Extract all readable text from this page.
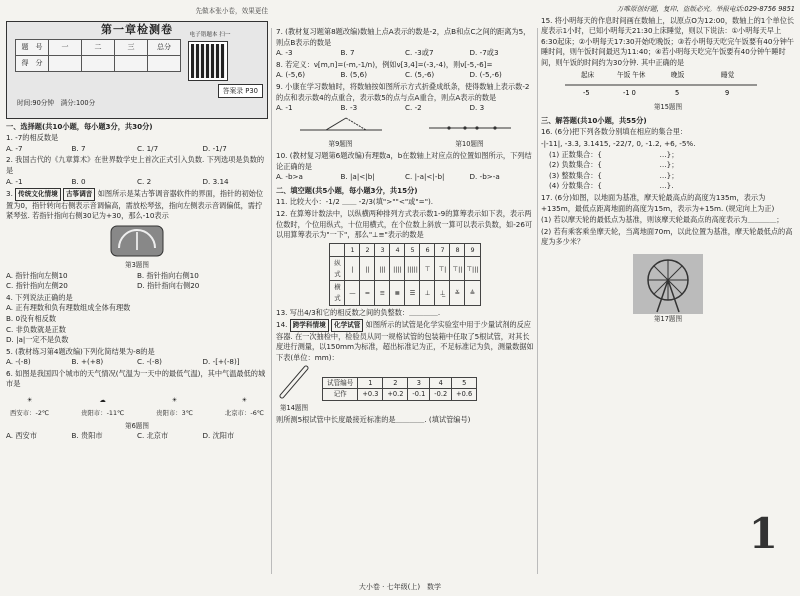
先做本张小卷，效果更佳
第一章检测卷
题　号	一	二	三	总分
得　分				
时间:90分钟　满分:100分
电子错题本 扫一
答案录 P30
一、选择题(共10小题，每小题3分，共30分)
1. -7的相反数是
A. -7	B. 7	C. 1/7	D. -1/7
2. 我国古代的《九章算术》在世界数学史上首次正式引入负数. 下列选项是负数的是
A. -1	B. 0	C. 2	D. 3.14
3. 传统文化情境 古筝调音 如图所示是某古筝调音器软件的界面，指针的初始位置为0，指针转向右侧表示音调偏高，需放松琴弦，指向左侧表示音调偏低，需拧紧琴弦. 若指针指向右侧30记为+30，那么-10表示
第3题图
A. 指针指向左侧10	B. 指针指向右侧10
C. 指针指向左侧20	D. 指针指向右侧20
4. 下列说法正确的是
A. 正有理数和负有理数组成全体有理数
B. 0没有相反数
C. 非负数就是正数
D. |a|一定不是负数
5. (教材练习第4题改编)下列化简结果为-8的是
A. -(-8)	B. +(+8)	C. -(-8)	D. -[+(-8)]
6. 如图是我国四个城市的天气情况(气温为一天中的最低气温)，其中气温最低的城市是
☀
西安市：-2℃
☁
贵阳市：-11℃
☀
贵阳市：3℃
☀
北京市：-6℃
第6题图
A. 西安市	B. 贵阳市	C. 北京市	D. 沈阳市
7. (教材复习题第8题改编)数轴上点A表示的数是-2，点B和点C之间的距离为5，则点B表示的数是
A. -3	B. 7	C. -3或7	D. -7或3
8. 若定义：ν[m,n]=(-m,-1/n)，例如ν[3,4]=(-3,-4)，则ν[-5,-6]=
A. (-5,6)	B. (5,6)	C. (5,-6)	D. (-5,-6)
9. 小康在学习数轴时，将数轴按如图所示方式折叠成纸条，使得数轴上表示数-2的点和表示数4的点重合，表示数5的点与点A重合，则点A表示的数是
A. -1	B. -3	C. -2	D. 3
第9题图	第10题图
10. (教材复习题第6题改编)有理数a，b在数轴上对应点的位置如图所示，下列结论正确的是
A. -b>a	B. |a|<|b|	C. |-a|<|-b|	D. -b>-a
二、填空题(共5小题，每小题3分，共15分)
11. 比较大小：-1/2 ＿＿ -2/3(填">""<"或"=").
12. 在算筹计数法中，以纵横两种排列方式表示数1-9的算筹表示如下表，表示两位数时，个位用纵式，十位用横式，在个位数上斜放一算可以表示负数，如-26可以用算筹表示为"一下"，那么"⊥≡"表示的数是
	1	2	3	4	5	6	7	8	9
纵式	|	||	|||	||||	|||||	⊤	⊤|	⊤||	⊤|||
横式	—	=	≡	≣	☰	⊥	⊥̲	≚	≜
13. 写出4/3和它的相反数之间的负整数：＿＿＿＿.
14. 跨学科情境 化学试管 如图所示的试管是化学实验室中用于少量试剂的反应容器. 在一次抽检中，检验员从同一规格试管的包装箱中任取了5根试管，对其长度进行测量，以150mm为标准，超出标准记为正，不足标准记为负，测量数据如下表(单位：mm)：
第14题图
试管编号	1	2	3	4	5
记作	+0.3	+0.2	-0.1	-0.2	+0.6
则所测5根试管中长度最接近标准的是＿＿＿＿. (填试管编号)
万唯原创好题，复印、盗版必究。举报电话:029-8756 9851
15. 将小明每天的作息时间画在数轴上，以原点O为12:00，数轴上的1个单位长度表示1小时，已知小明每天21:30上床睡觉，则以下说法：①小明每天早上6:30起床；②小明每天17:30开始吃晚饭；③若小明每天吃完午饭要有40分钟午睡时间，则午饭时间最迟为11:40；④若小明每天吃完午饭要有40分钟午睡时间，则午饭的时间约为30分钟. 其中正确的是
起床	午饭 午休	晚饭	睡觉
-5	-1 0	5	9
第15题图
三、解答题(共10小题，共55分)
16. (6分)把下列各数分别填在相应的集合里：
-|-11|, -3.3̇, 3.1415, -22/7, 0, -1.2, +6, -5%.
(1) 正数集合：{　　　　　　　　…}；
(2) 负数集合：{　　　　　　　　…}；
(3) 整数集合：{　　　　　　　　…}；
(4) 分数集合：{　　　　　　　　…}.
17. (6分)如图，以地面为基准，摩天轮最高点的高度为135m，表示为+135m，最低点距离地面的高度为15m，表示为+15m. (规定向上为正)
(1) 若以摩天轮的最低点为基准，则该摩天轮最高点的高度表示为＿＿＿＿；
(2) 若有乘客乘坐摩天轮，当离地面70m，以此位置为基准，摩天轮最低点的高度为多少米？
第17题图
1
大小卷 · 七年级(上)　数学
